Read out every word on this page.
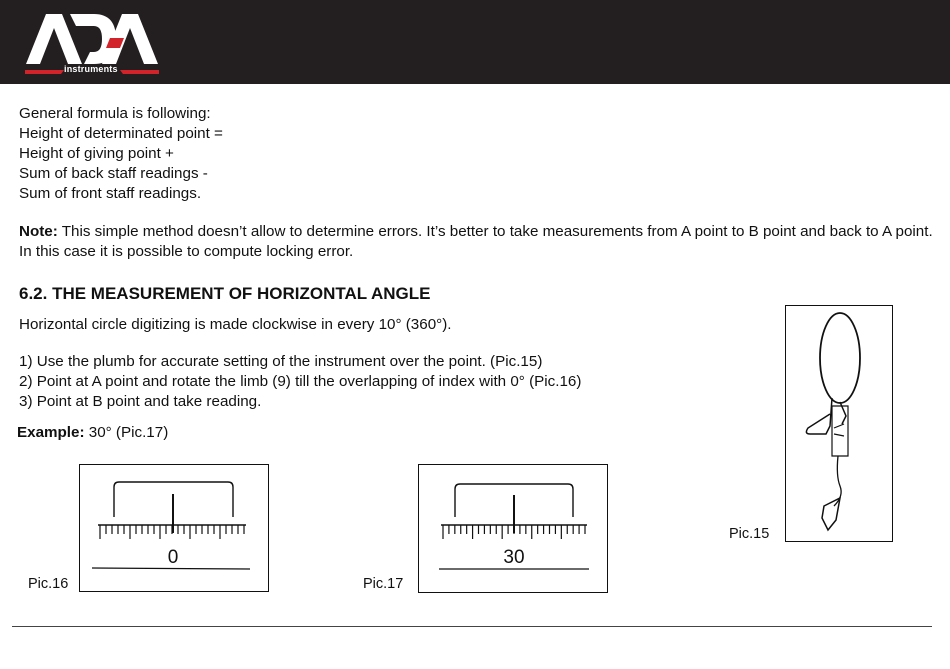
instruments
General formula is following:
Height of determinated point =
Height of giving point +
Sum of back staff readings -
Sum of front staff readings.
Note: This simple method doesn’t allow to determine errors. It’s better to take measurements from A point to B point and back to A point. In this case it is possible to compute locking error.
6.2. THE MEASUREMENT OF HORIZONTAL ANGLE
Horizontal circle digitizing is made clockwise in every 10° (360°).
1) Use the plumb for accurate setting of the instrument over the point. (Pic.15)
2) Point at A point and rotate the limb (9) till the overlapping of index with 0° (Pic.16)
3) Point at B point and take reading.
Example: 30° (Pic.17)
0
Pic.16
30
Pic.17
Pic.15
